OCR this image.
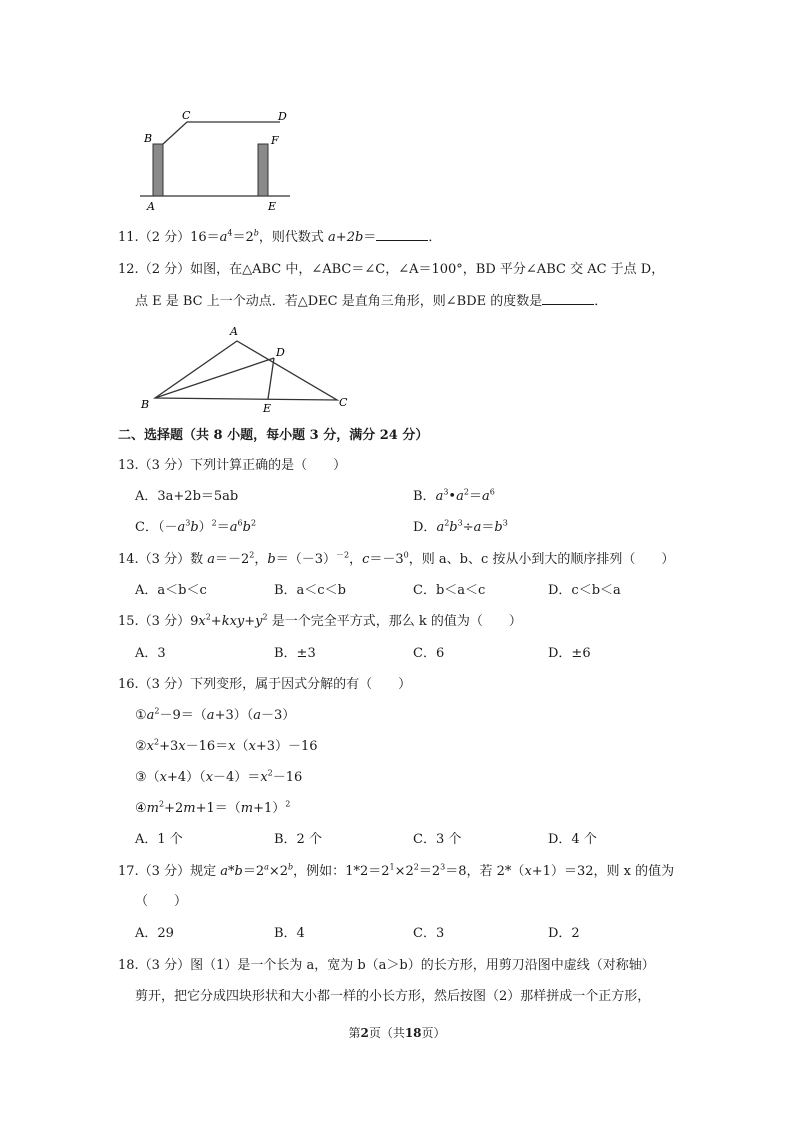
A
B
C	D
E
F
11.（2 分）$16=a^4=2^b$，则代数式 a+2b＝	．
12.（2 分）如图，在△ABC 中，∠ABC＝∠C，∠A＝100°，BD 平分∠ABC 交 AC 于点 D，
点 E 是 BC 上一个动点．若△DEC 是直角三角形，则∠BDE 的度数是	．
A
D
B	E	C
二、选择题（共 8 小题，每小题 3 分，满分 24 分）
13.（3 分）下列计算正确的是（　　）
A．3a+2b＝5ab	B．$a^3•a^2=a^6$
C．$(-a^3b)^2=a^6b^2$	D．$a^2b^3\div a=b^3$
14.（3 分）数 $a=-2^2$，$b=(-3)^{-2}$，$c=-3^0$，则 a、b、c 按从小到大的顺序排列（　　）
A．a＜b＜c	B．a＜c＜b	C．b＜a＜c	D．c＜b＜a
15.（3 分）$9x^2+kxy+y^2$ 是一个完全平方式，那么 k 的值为（　　）
A．3	B．±3	C．6	D．±6
16.（3 分）下列变形，属于因式分解的有（　　）
$①a^2-9=(a+3)(a-3)$
$②x^2+3x-16=x(x+3)-16$
$③(x+4)(x-4)=x^2-16$
$④m^2+2m+1=(m+1)^2$
A．1 个	B．2 个	C．3 个	D．4 个
17.（3 分）规定 $a*b=2^a\times 2^b$，例如：$1*2=2^1\times 2^2=2^3=8$，若 2*（x+1）＝32，则 x 的值为
（　　）
A．29	B．4	C．3	D．2
18.（3 分）图（1）是一个长为 a，宽为 b（a＞b）的长方形，用剪刀沿图中虚线（对称轴）
剪开，把它分成四块形状和大小都一样的小长方形，然后按图（2）那样拼成一个正方形，
第2页（共18页）
